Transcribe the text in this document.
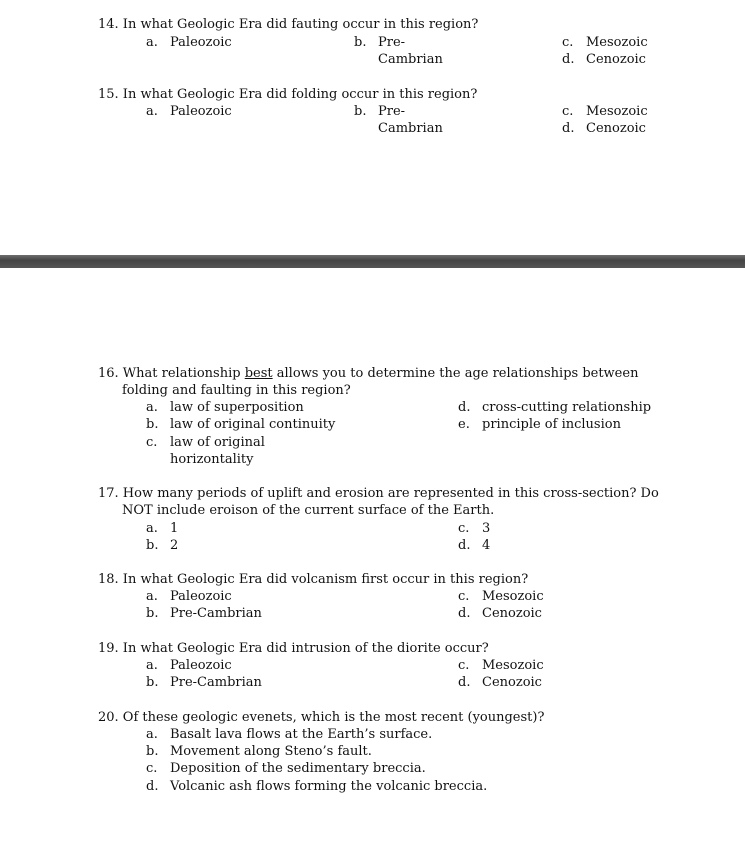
14. In what Geologic Era did fauting occur in this region?
a. Paleozoic	b. Pre-
Cambrian
c. Mesozoic
d. Cenozoic
15. In what Geologic Era did folding occur in this region?
a. Paleozoic	b. Pre-
Cambrian
c. Mesozoic
d. Cenozoic
16. What relationship best allows you to determine the age relationships between
folding and faulting in this region?
a. law of superposition
b. law of original continuity
c. law of original
horizontality
d. cross-cutting relationship
e. principle of inclusion
17. How many periods of uplift and erosion are represented in this cross-section? Do
NOT include eroison of the current surface of the Earth.
a. 1
b. 2
c. 3
d. 4
18. In what Geologic Era did volcanism first occur in this region?
a. Paleozoic
b. Pre-Cambrian
c. Mesozoic
d. Cenozoic
19. In what Geologic Era did intrusion of the diorite occur?
a. Paleozoic
b. Pre-Cambrian
c. Mesozoic
d. Cenozoic
20. Of these geologic evenets, which is the most recent (youngest)?
a. Basalt lava flows at the Earth’s surface.
b. Movement along Steno’s fault.
c. Deposition of the sedimentary breccia.
d. Volcanic ash flows forming the volcanic breccia.
